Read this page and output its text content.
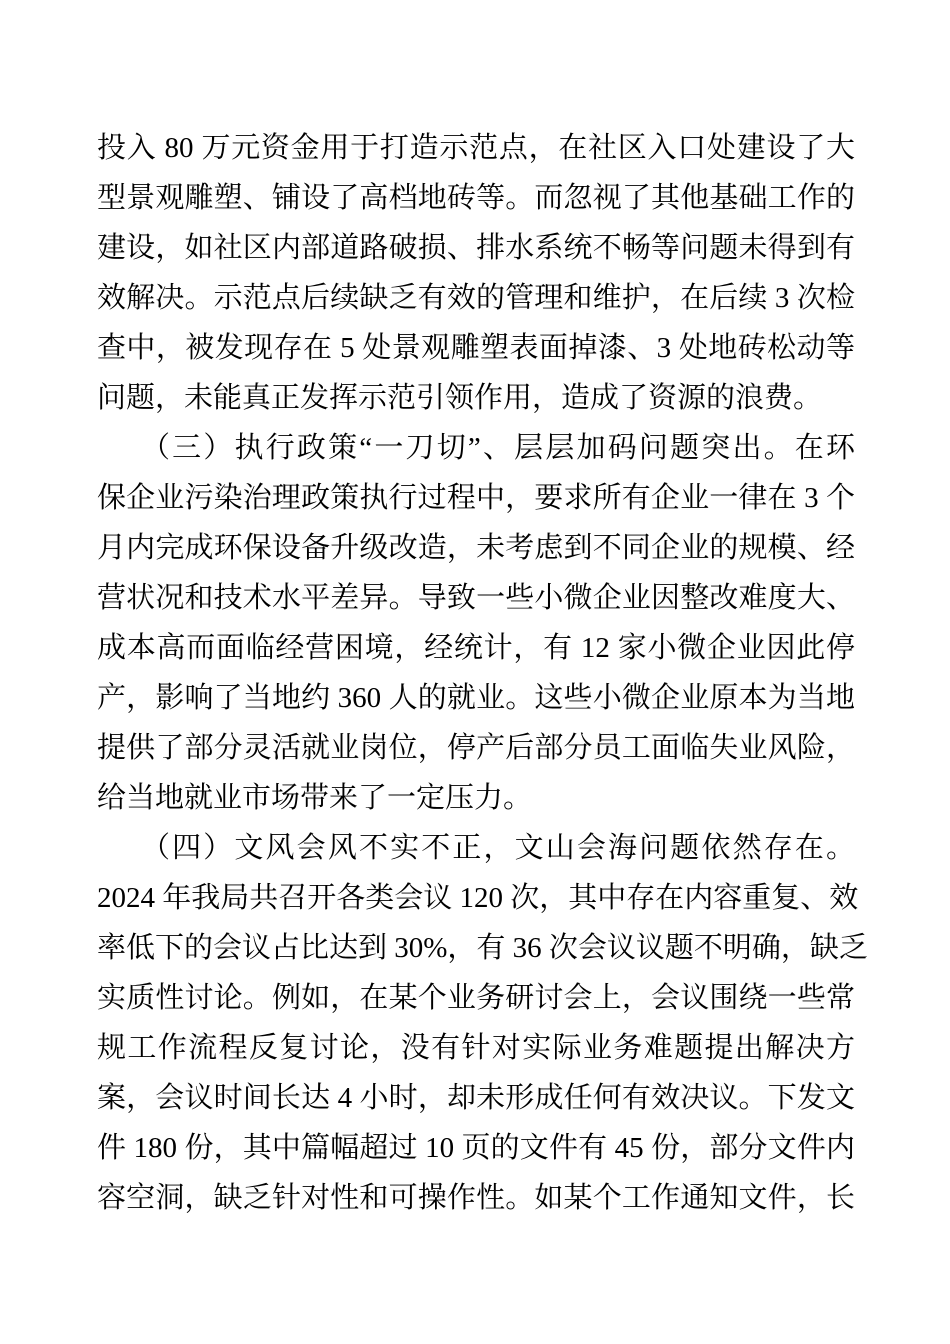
投入 80 万元资金用于打造示范点，在社区入口处建设了大
型景观雕塑、铺设了高档地砖等。而忽视了其他基础工作的
建设，如社区内部道路破损、排水系统不畅等问题未得到有
效解决。示范点后续缺乏有效的管理和维护，在后续 3 次检
查中，被发现存在 5 处景观雕塑表面掉漆、3 处地砖松动等
问题，未能真正发挥示范引领作用，造成了资源的浪费。
（三）执行政策“一刀切”、层层加码问题突出。在环
保企业污染治理政策执行过程中，要求所有企业一律在 3 个
月内完成环保设备升级改造，未考虑到不同企业的规模、经
营状况和技术水平差异。导致一些小微企业因整改难度大、
成本高而面临经营困境，经统计，有 12 家小微企业因此停
产，影响了当地约 360 人的就业。这些小微企业原本为当地
提供了部分灵活就业岗位，停产后部分员工面临失业风险，
给当地就业市场带来了一定压力。
（四）文风会风不实不正，文山会海问题依然存在。
2024 年我局共召开各类会议 120 次，其中存在内容重复、效
率低下的会议占比达到 30%，有 36 次会议议题不明确，缺乏
实质性讨论。例如，在某个业务研讨会上，会议围绕一些常
规工作流程反复讨论，没有针对实际业务难题提出解决方
案，会议时间长达 4 小时，却未形成任何有效决议。下发文
件 180 份，其中篇幅超过 10 页的文件有 45 份，部分文件内
容空洞，缺乏针对性和可操作性。如某个工作通知文件，长
